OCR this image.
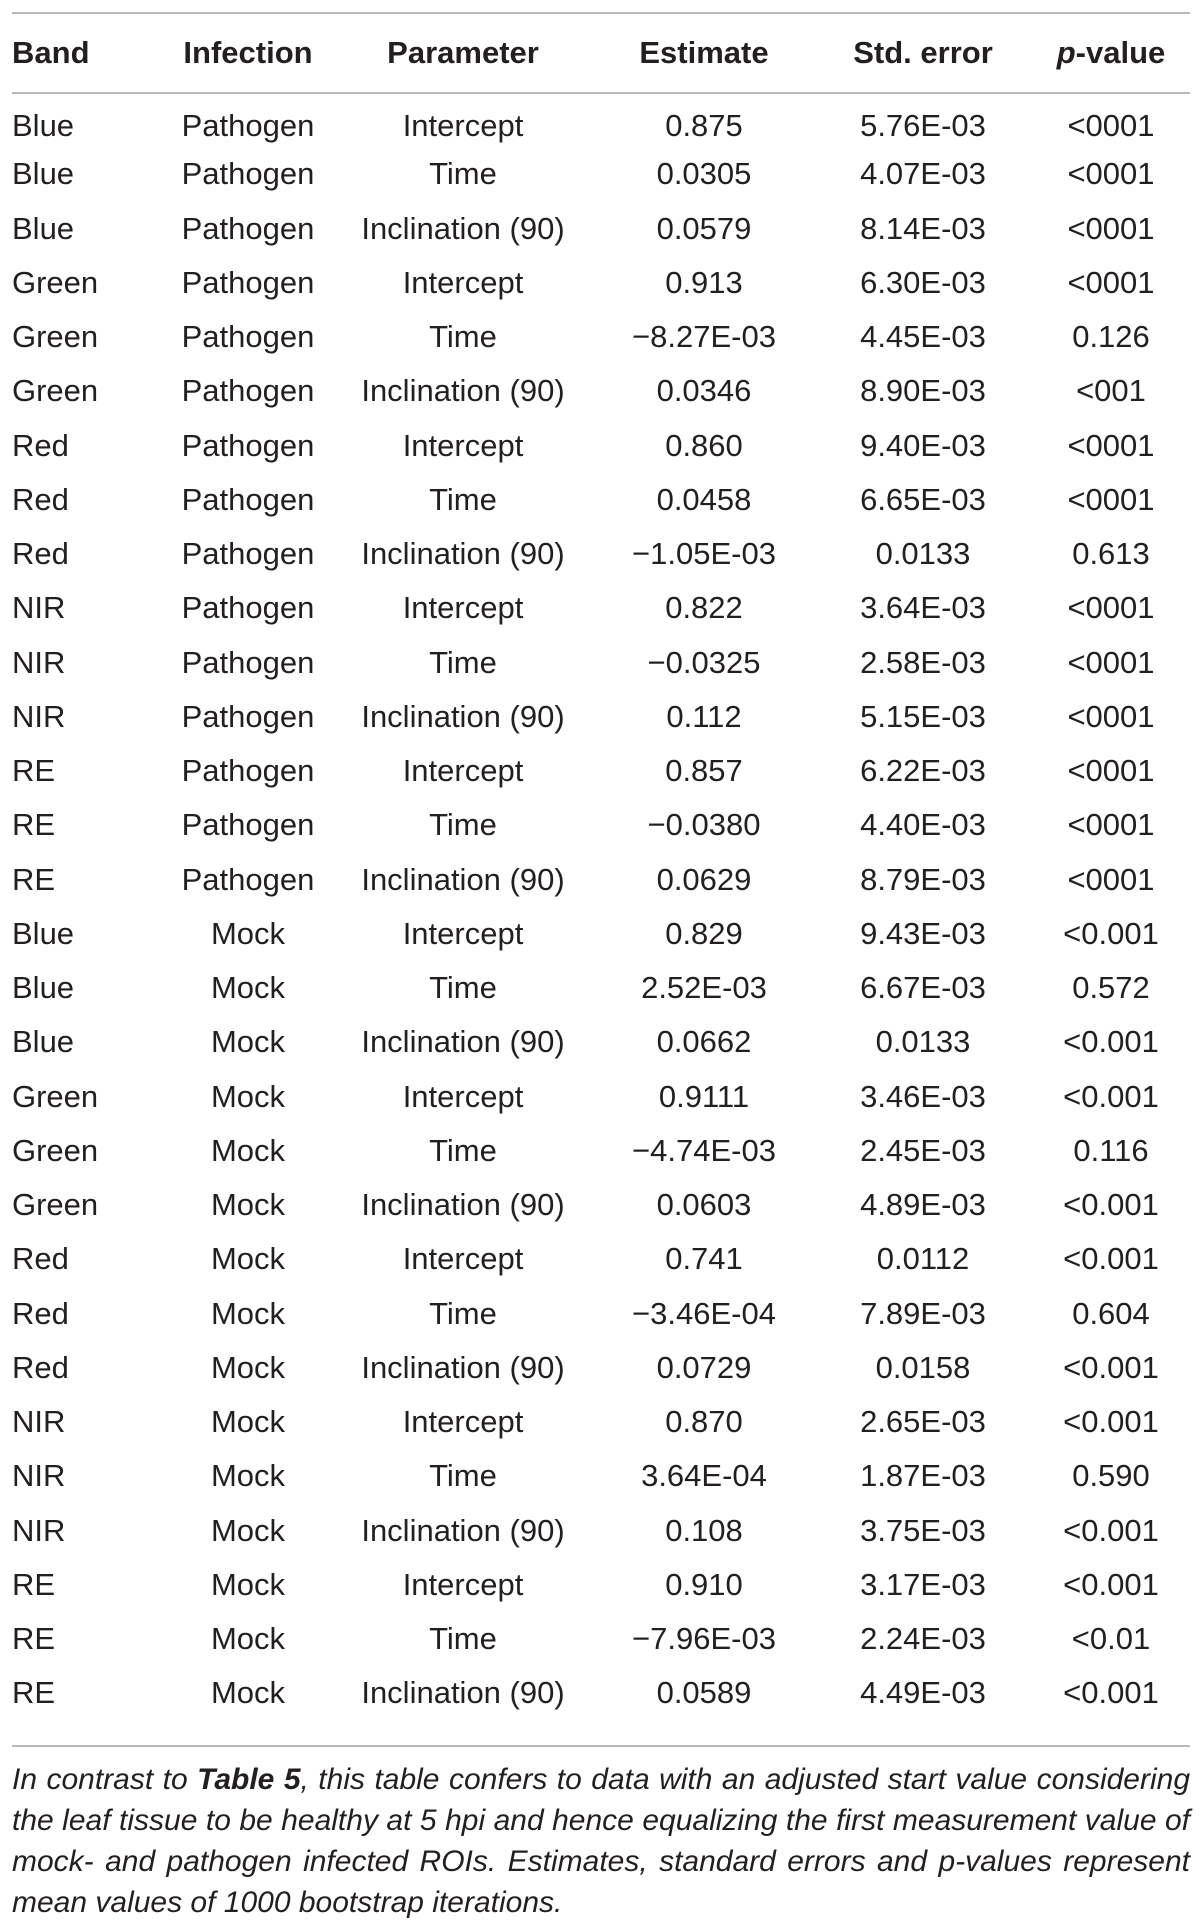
Band	Infection	Parameter	Estimate	Std. error	p-value
Blue	Pathogen	Intercept	0.875	5.76E-03	<0001
Blue	Pathogen	Time	0.0305	4.07E-03	<0001
Blue	Pathogen	Inclination (90)	0.0579	8.14E-03	<0001
Green	Pathogen	Intercept	0.913	6.30E-03	<0001
Green	Pathogen	Time	−8.27E-03	4.45E-03	0.126
Green	Pathogen	Inclination (90)	0.0346	8.90E-03	<001
Red	Pathogen	Intercept	0.860	9.40E-03	<0001
Red	Pathogen	Time	0.0458	6.65E-03	<0001
Red	Pathogen	Inclination (90)	−1.05E-03	0.0133	0.613
NIR	Pathogen	Intercept	0.822	3.64E-03	<0001
NIR	Pathogen	Time	−0.0325	2.58E-03	<0001
NIR	Pathogen	Inclination (90)	0.112	5.15E-03	<0001
RE	Pathogen	Intercept	0.857	6.22E-03	<0001
RE	Pathogen	Time	−0.0380	4.40E-03	<0001
RE	Pathogen	Inclination (90)	0.0629	8.79E-03	<0001
Blue	Mock	Intercept	0.829	9.43E-03	<0.001
Blue	Mock	Time	2.52E-03	6.67E-03	0.572
Blue	Mock	Inclination (90)	0.0662	0.0133	<0.001
Green	Mock	Intercept	0.9111	3.46E-03	<0.001
Green	Mock	Time	−4.74E-03	2.45E-03	0.116
Green	Mock	Inclination (90)	0.0603	4.89E-03	<0.001
Red	Mock	Intercept	0.741	0.0112	<0.001
Red	Mock	Time	−3.46E-04	7.89E-03	0.604
Red	Mock	Inclination (90)	0.0729	0.0158	<0.001
NIR	Mock	Intercept	0.870	2.65E-03	<0.001
NIR	Mock	Time	3.64E-04	1.87E-03	0.590
NIR	Mock	Inclination (90)	0.108	3.75E-03	<0.001
RE	Mock	Intercept	0.910	3.17E-03	<0.001
RE	Mock	Time	−7.96E-03	2.24E-03	<0.01
RE	Mock	Inclination (90)	0.0589	4.49E-03	<0.001
In contrast to Table 5, this table confers to data with an adjusted start value considering the leaf tissue to be healthy at 5 hpi and hence equalizing the first measurement value of mock- and pathogen infected ROIs. Estimates, standard errors and p-values represent mean values of 1000 bootstrap iterations.
